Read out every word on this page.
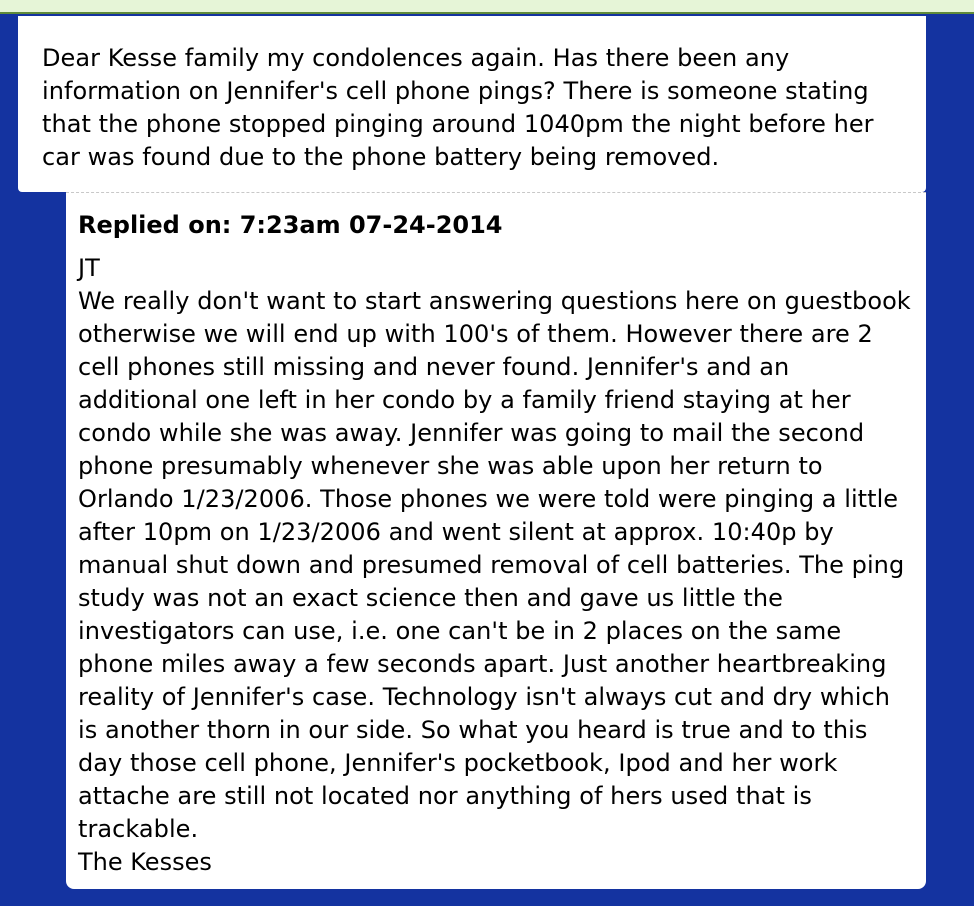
Dear Kesse family my condolences again. Has there been any information on Jennifer's cell phone pings? There is someone stating that the phone stopped pinging around 1040pm the night before her car was found due to the phone battery being removed.

Replied on: 7:23am 07-24-2014

JT

We really don't want to start answering questions here on guestbook otherwise we will end up with 100's of them. However there are 2 cell phones still missing and never found. Jennifer's and an additional one left in her condo by a family friend staying at her condo while she was away. Jennifer was going to mail the second phone presumably whenever she was able upon her return to Orlando 1/23/2006. Those phones we were told were pinging a little after 10pm on 1/23/2006 and went silent at approx. 10:40p by manual shut down and presumed removal of cell batteries. The ping study was not an exact science then and gave us little the investigators can use, i.e. one can't be in 2 places on the same phone miles away a few seconds apart. Just another heartbreaking reality of Jennifer's case. Technology isn't always cut and dry which is another thorn in our side. So what you heard is true and to this day those cell phone, Jennifer's pocketbook, Ipod and her work attache are still not located nor anything of hers used that is trackable.

The Kesses
